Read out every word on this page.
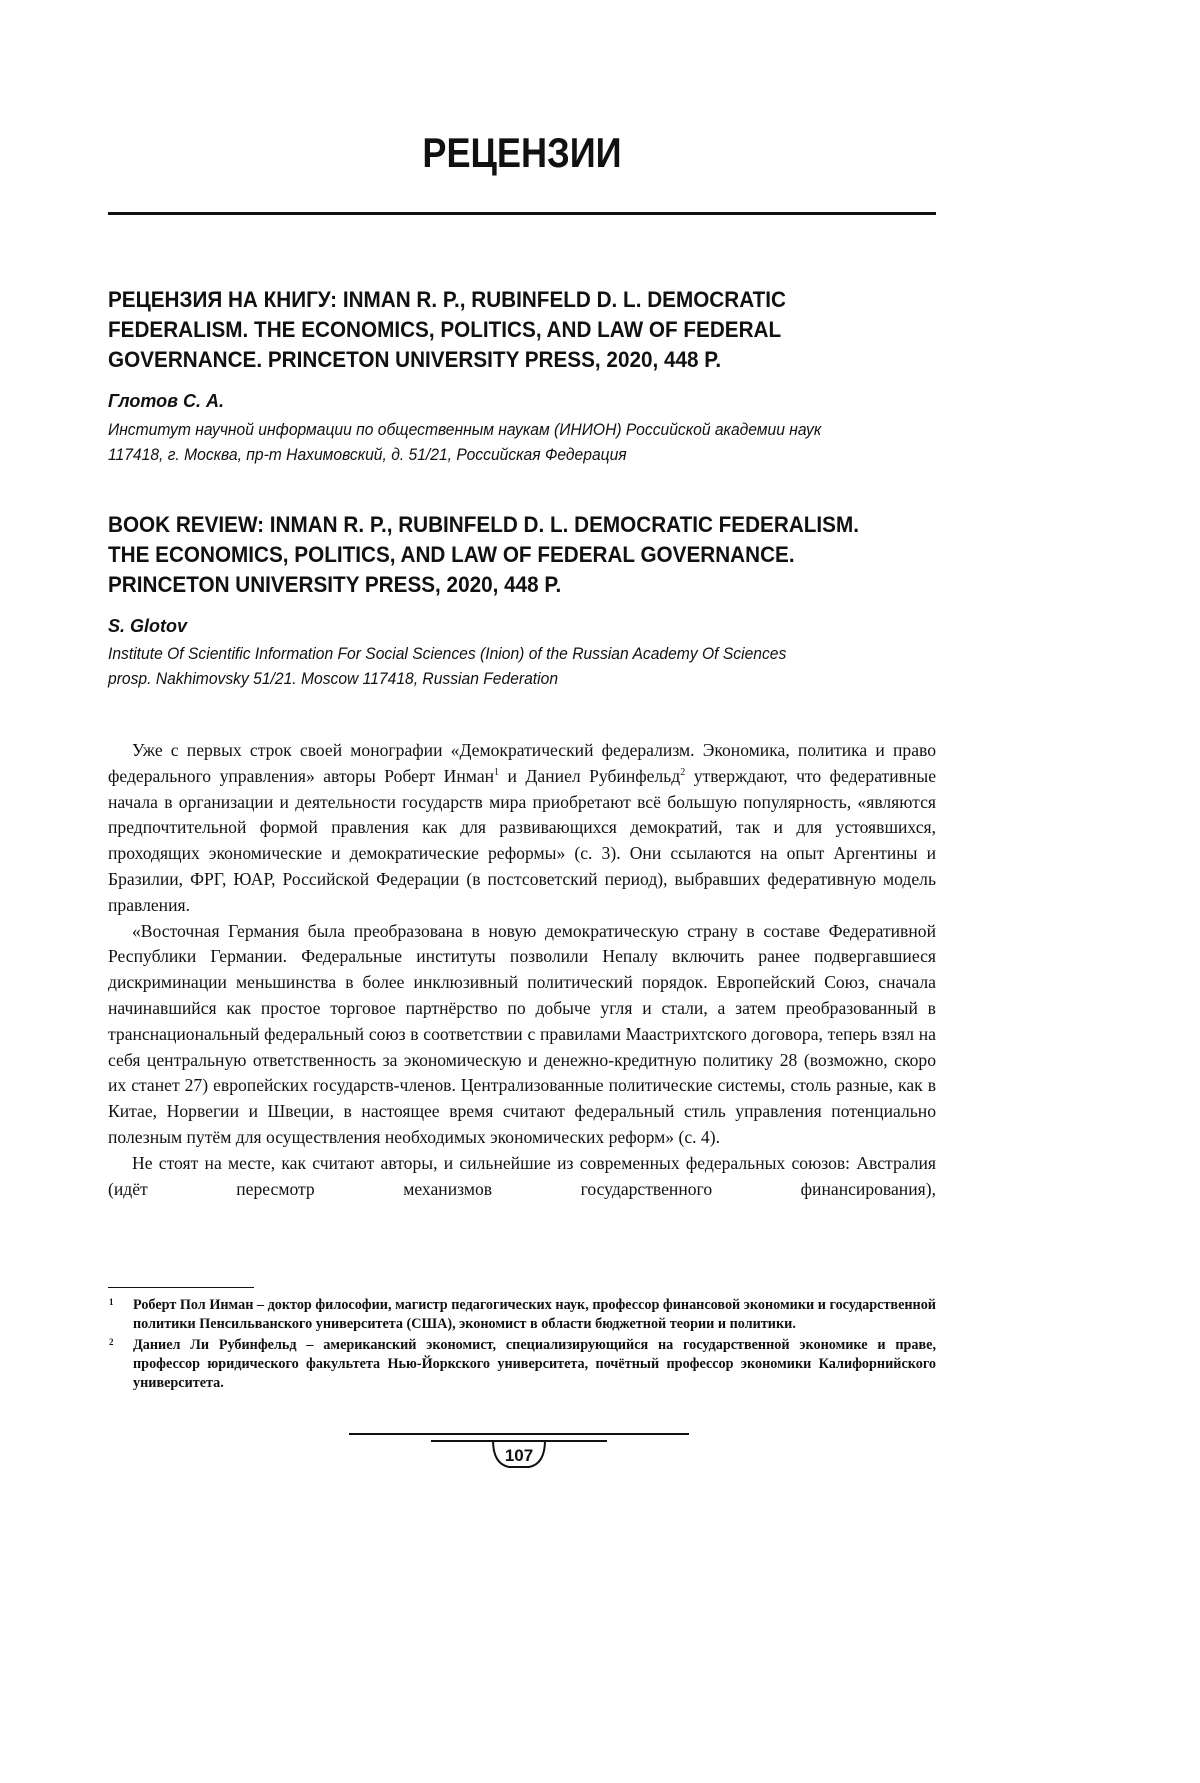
РЕЦЕНЗИИ
РЕЦЕНЗИЯ НА КНИГУ: INMAN R. P., RUBINFELD D. L. DEMOCRATIC
FEDERALISM. THE ECONOMICS, POLITICS, AND LAW OF FEDERAL
GOVERNANCE. PRINCETON UNIVERSITY PRESS, 2020, 448 P.

Глотов С. А.

Институт научной информации по общественным наукам (ИНИОН) Российской академии наук
117418, г. Москва, пр-т Нахимовский, д. 51/21, Российская Федерация

BOOK REVIEW: INMAN R. P., RUBINFELD D. L. DEMOCRATIC FEDERALISM.
THE ECONOMICS, POLITICS, AND LAW OF FEDERAL GOVERNANCE.
PRINCETON UNIVERSITY PRESS, 2020, 448 P.

S. Glotov

Institute Of Scientific Information For Social Sciences (Inion) of the Russian Academy Of Sciences
prosp. Nakhimovsky 51/21. Moscow 117418, Russian Federation

Уже с первых строк своей монографии «Демократический федерализм. Экономика, политика и право федерального управления» авторы Роберт Инман$^1$ и Даниел Рубинфельд$^2$ утверждают, что федеративные начала в организации и деятельности государств мира приобретают всё большую популярность, «являются предпочтительной формой правления как для развивающихся демократий, так и для устоявшихся, проходящих экономические и демократические реформы» (с. 3). Они ссылаются на опыт Аргентины и Бразилии, ФРГ, ЮАР, Российской Федерации (в постсоветский период), выбравших федеративную модель правления.

«Восточная Германия была преобразована в новую демократическую страну в составе Федеративной Республики Германии. Федеральные институты позволили Непалу включить ранее подвергавшиеся дискриминации меньшинства в более инклюзивный политический порядок. Европейский Союз, сначала начинавшийся как простое торговое партнёрство по добыче угля и стали, а затем преобразованный в транснациональный федеральный союз в соответствии с правилами Маастрихтского договора, теперь взял на себя центральную ответственность за экономическую и денежно-кредитную политику 28 (возможно, скоро их станет 27) европейских государств-членов. Централизованные политические системы, столь разные, как в Китае, Норвегии и Швеции, в настоящее время считают федеральный стиль управления потенциально полезным путём для осуществления необходимых экономических реформ» (с. 4).

Не стоят на месте, как считают авторы, и сильнейшие из современных федеральных союзов: Австралия (идёт пересмотр механизмов государственного финансирования),

1 Роберт Пол Инман – доктор философии, магистр педагогических наук, профессор финансовой экономики и государственной политики Пенсильванского университета (США), экономист в области бюджетной теории и политики.
2 Даниел Ли Рубинфельд – американский экономист, специализирующийся на государственной экономике и праве, профессор юридического факультета Нью-Йоркского университета, почётный профессор экономики Калифорнийского университета.
107
